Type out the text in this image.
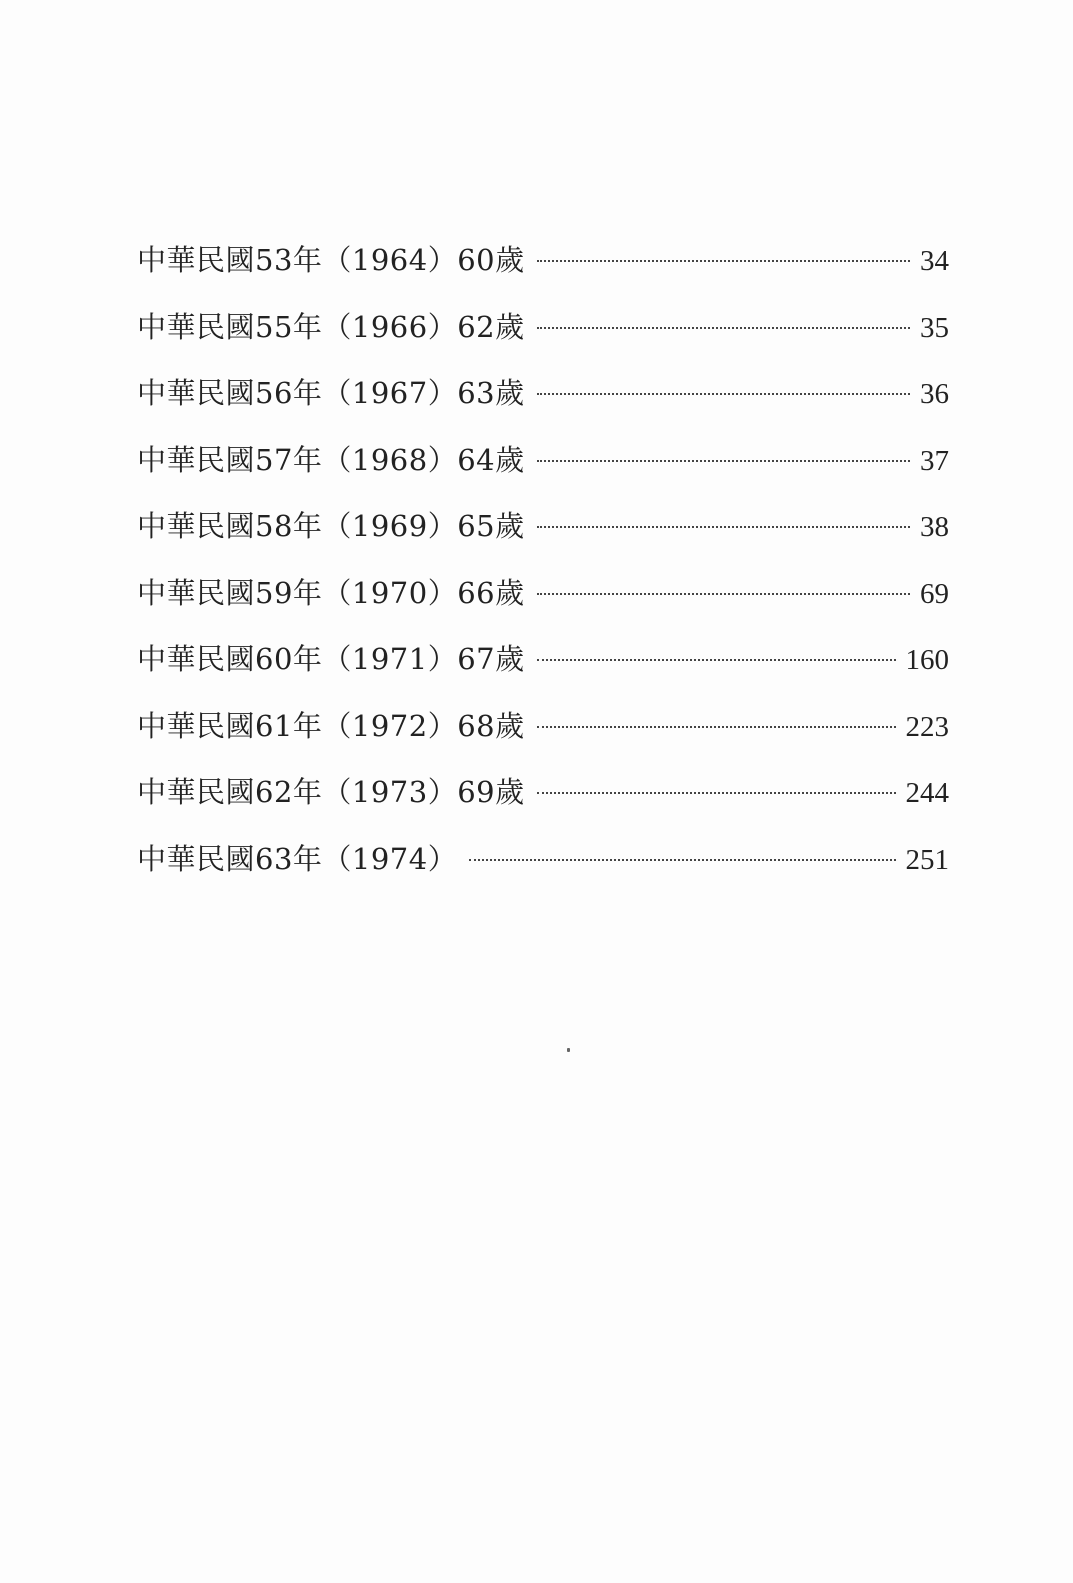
中華民國53年（1964）60歲	34
中華民國55年（1966）62歲	35
中華民國56年（1967）63歲	36
中華民國57年（1968）64歲	37
中華民國58年（1969）65歲	38
中華民國59年（1970）66歲	69
中華民國60年（1971）67歲	160
中華民國61年（1972）68歲	223
中華民國62年（1973）69歲	244
中華民國63年（1974）	251
